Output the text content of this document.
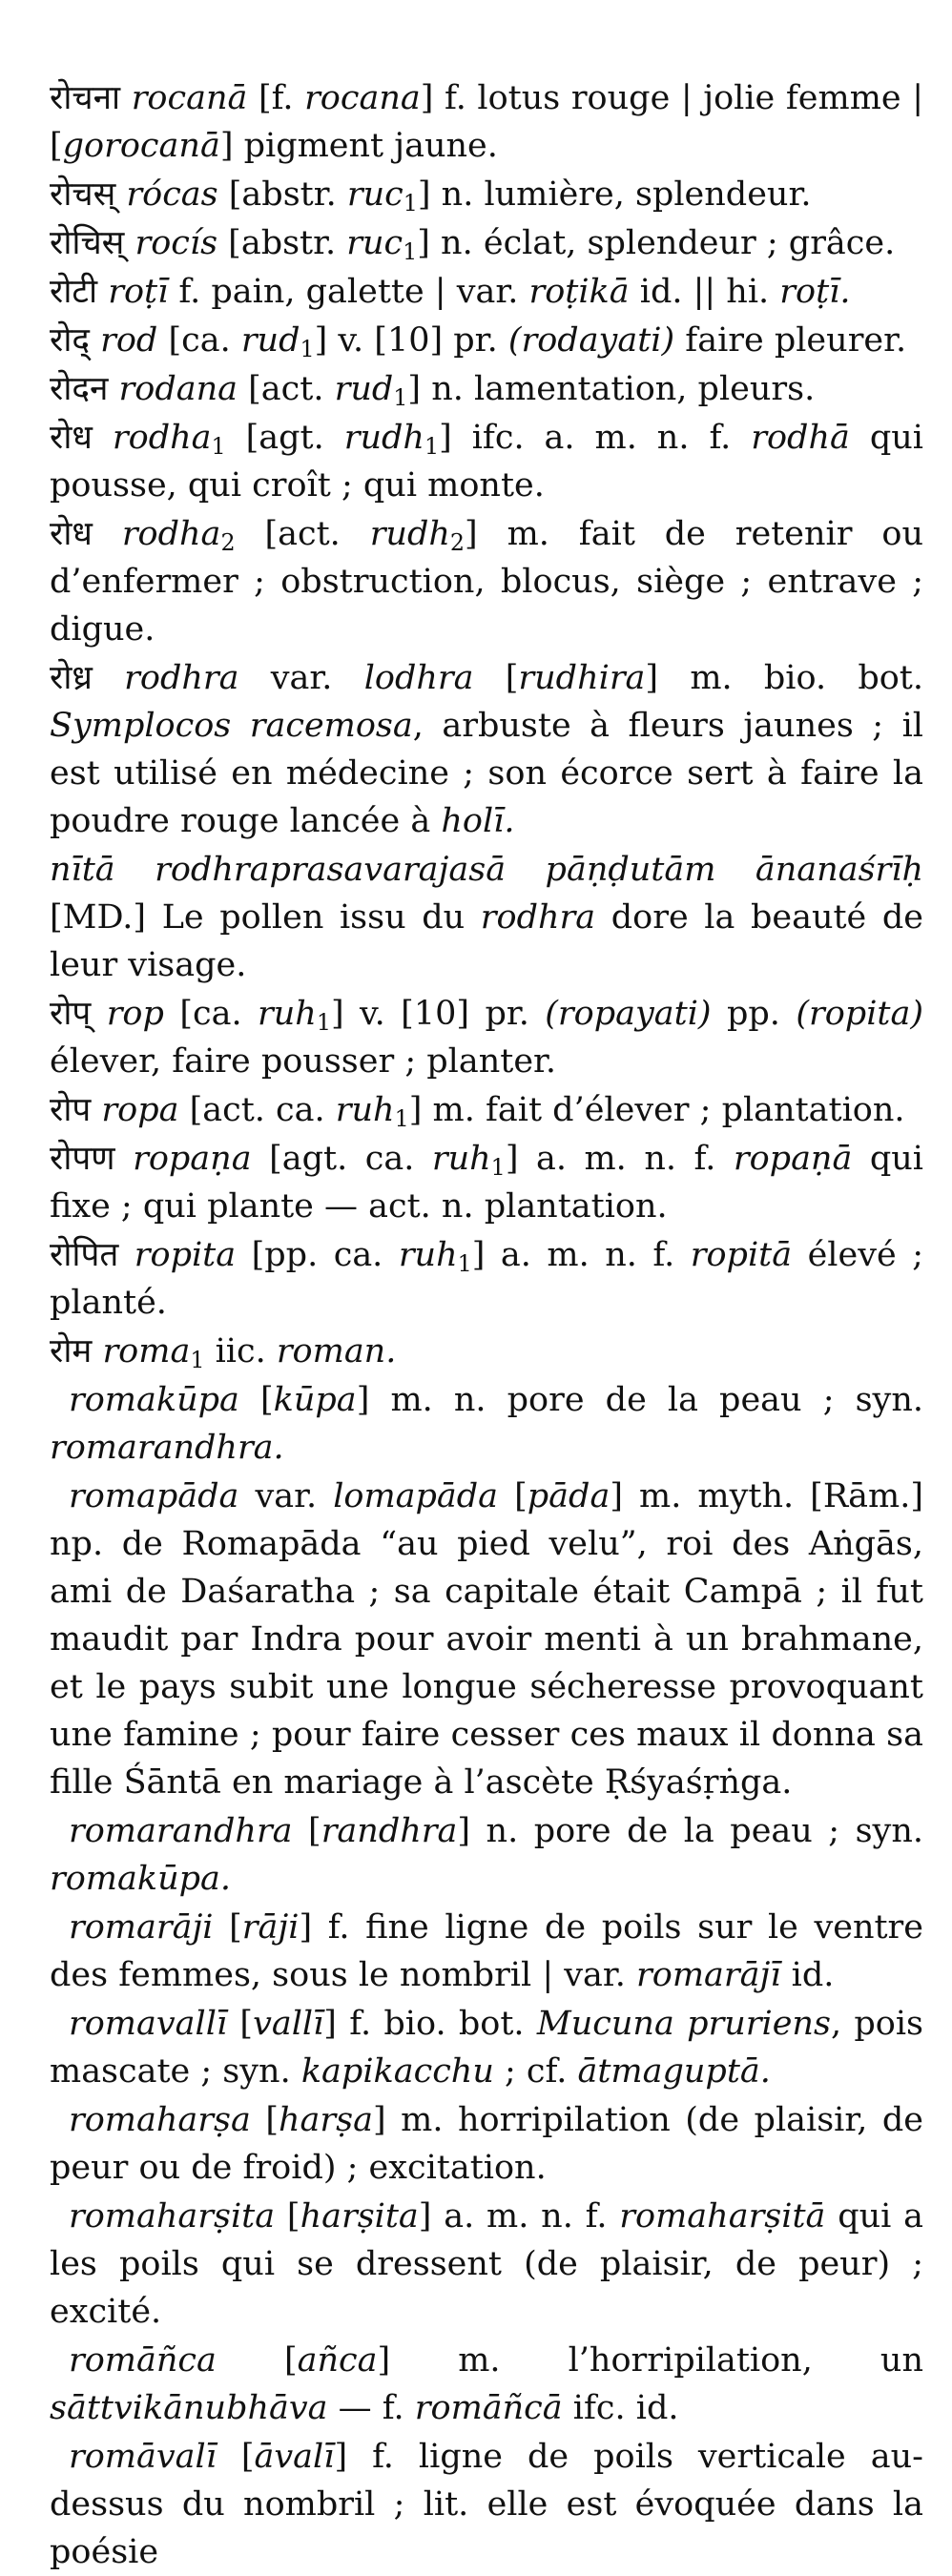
रोचना rocanā [f. rocana] f. lotus rouge | jolie femme | [gorocanā] pigment jaune.

रोचस् rócas [abstr. ruc$_1$] n. lumière, splendeur.

रोचिस् rocís [abstr. ruc$_1$] n. éclat, splendeur ; grâce.

रोटी roṭī f. pain, galette | var. roṭikā id. || hi. roṭī.

रोद् rod [ca. rud$_1$] v. [10] pr. (rodayati) faire pleurer.

रोदन rodana [act. rud$_1$] n. lamentation, pleurs.

रोध rodha$_1$ [agt. rudh$_1$] ifc. a. m. n. f. rodhā qui pousse, qui croît ; qui monte.

रोध rodha$_2$ [act. rudh$_2$] m. fait de retenir ou d’enfermer ; obstruction, blocus, siège ; entrave ; digue.

रोध्र rodhra var. lodhra [rudhira] m. bio. bot. Symplocos racemosa, arbuste à fleurs jaunes ; il est utilisé en médecine ; son écorce sert à faire la poudre rouge lancée à holī.

nītā rodhraprasavarajasā pāṇḍutām ānanaśrīḥ [MD.] Le pollen issu du rodhra dore la beauté de leur visage.

रोप् rop [ca. ruh$_1$] v. [10] pr. (ropayati) pp. (ropita) élever, faire pousser ; planter.

रोप ropa [act. ca. ruh$_1$] m. fait d’élever ; plantation.

रोपण ropaṇa [agt. ca. ruh$_1$] a. m. n. f. ropaṇā qui fixe ; qui plante — act. n. plantation.

रोपित ropita [pp. ca. ruh$_1$] a. m. n. f. ropitā élevé ; planté.

रोम roma$_1$ iic. roman.

romakūpa [kūpa] m. n. pore de la peau ; syn. romarandhra.

romapāda var. lomapāda [pāda] m. myth. [Rām.] np. de Romapāda “au pied velu”, roi des Aṅgās, ami de Daśaratha ; sa capitale était Campā ; il fut maudit par Indra pour avoir menti à un brahmane, et le pays subit une longue sécheresse provoquant une famine ; pour faire cesser ces maux il donna sa fille Śāntā en mariage à l’ascète Ṛśyaśṛṅga.

romarandhra [randhra] n. pore de la peau ; syn. romakūpa.

romarāji [rāji] f. fine ligne de poils sur le ventre des femmes, sous le nombril | var. romarājī id.

romavallī [vallī] f. bio. bot. Mucuna pruriens, pois mascate ; syn. kapikacchu ; cf. ātmaguptā.

romaharṣa [harṣa] m. horripilation (de plaisir, de peur ou de froid) ; excitation.

romaharṣita [harṣita] a. m. n. f. romaharṣitā qui a les poils qui se dressent (de plaisir, de peur) ; excité.

romāñca [añca] m. l’horripilation, un sāttvikānubhāva — f. romāñcā ifc. id.

romāvalī [āvalī] f. ligne de poils verticale au-dessus du nombril ; lit. elle est évoquée dans la poésie
